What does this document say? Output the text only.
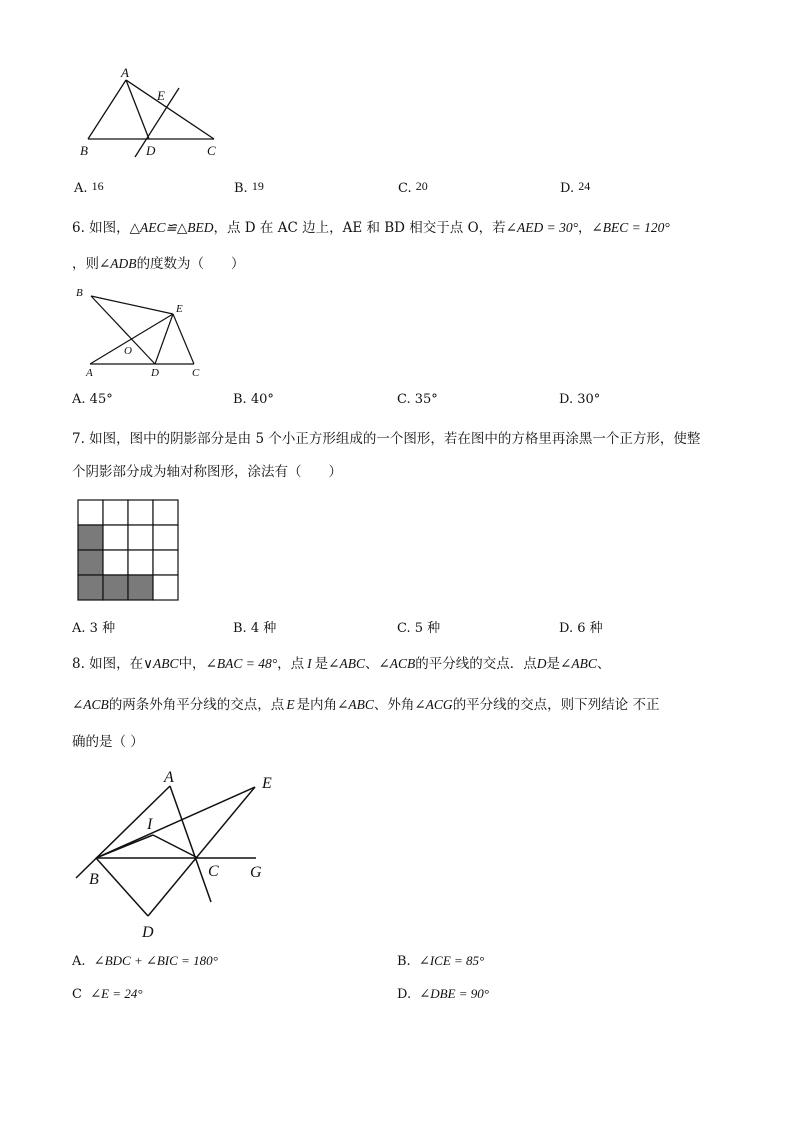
A
E
B	D	C
A. 16	B. 19	C. 20	D. 24
6. 如图，△AEC≌△BED，点 D 在 AC 边上，AE 和 BD 相交于点 O，若∠AED = 30°，∠BEC = 120°
，则∠ADB的度数为（　　）
B
E
O
A	D	C
A. 45°	B. 40°	C. 35°	D. 30°
7. 如图，图中的阴影部分是由 5 个小正方形组成的一个图形，若在图中的方格里再涂黑一个正方形，使整
个阴影部分成为轴对称图形，涂法有（　　）
A. 3 种	B. 4 种	C. 5 种	D. 6 种
8. 如图，在∨ABC中，∠BAC = 48°，点 I 是∠ABC、∠ACB的平分线的交点．点D是∠ABC、
∠ACB的两条外角平分线的交点，点 E 是内角∠ABC、外角∠ACG的平分线的交点，则下列结论 不正
确的是（ ）
A	E
I
B	C G
D
A. ∠BDC + ∠BIC = 180°	B. ∠ICE = 85°
C ∠E = 24°	D. ∠DBE = 90°
